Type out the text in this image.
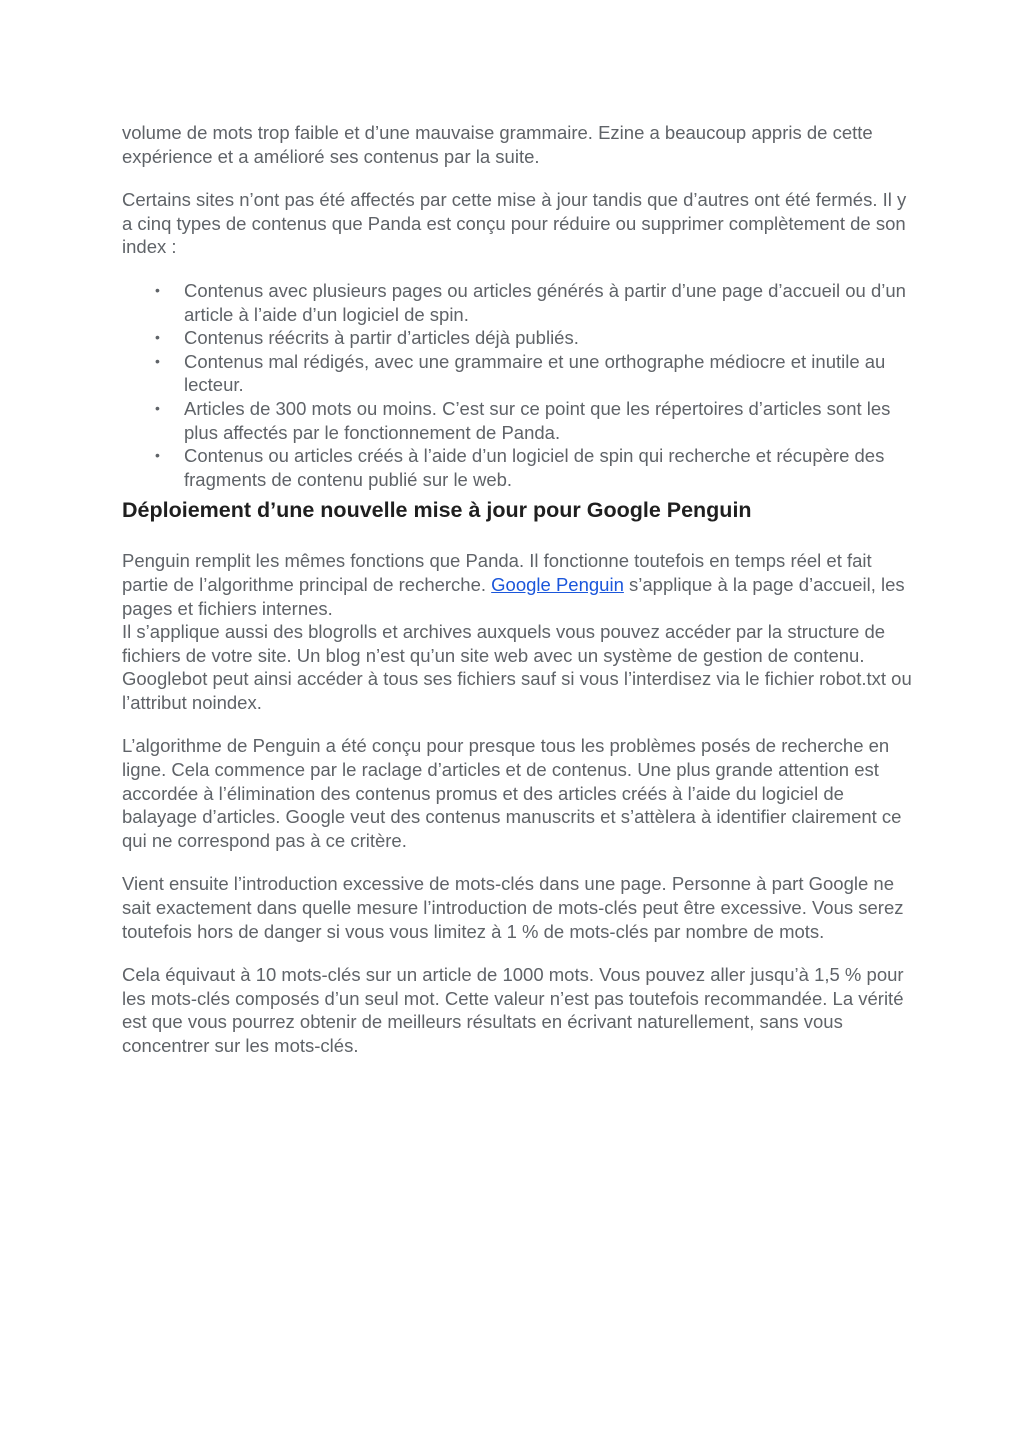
volume de mots trop faible et d’une mauvaise grammaire. Ezine a beaucoup appris de cette expérience et a amélioré ses contenus par la suite.

Certains sites n’ont pas été affectés par cette mise à jour tandis que d’autres ont été fermés. Il y a cinq types de contenus que Panda est conçu pour réduire ou supprimer complètement de son index :

• Contenus avec plusieurs pages ou articles générés à partir d’une page d’accueil ou d’un article à l’aide d’un logiciel de spin.
• Contenus réécrits à partir d’articles déjà publiés.
• Contenus mal rédigés, avec une grammaire et une orthographe médiocre et inutile au lecteur.
• Articles de 300 mots ou moins. C’est sur ce point que les répertoires d’articles sont les plus affectés par le fonctionnement de Panda.
• Contenus ou articles créés à l’aide d’un logiciel de spin qui recherche et récupère des fragments de contenu publié sur le web.
Déploiement d’une nouvelle mise à jour pour Google Penguin

Penguin remplit les mêmes fonctions que Panda. Il fonctionne toutefois en temps réel et fait partie de l’algorithme principal de recherche. Google Penguin s’applique à la page d’accueil, les pages et fichiers internes.

Il s’applique aussi des blogrolls et archives auxquels vous pouvez accéder par la structure de fichiers de votre site. Un blog n’est qu’un site web avec un système de gestion de contenu. Googlebot peut ainsi accéder à tous ses fichiers sauf si vous l’interdisez via le fichier robot.txt ou l’attribut noindex.

L’algorithme de Penguin a été conçu pour presque tous les problèmes posés de recherche en ligne. Cela commence par le raclage d’articles et de contenus. Une plus grande attention est accordée à l’élimination des contenus promus et des articles créés à l’aide du logiciel de balayage d’articles. Google veut des contenus manuscrits et s’attèlera à identifier clairement ce qui ne correspond pas à ce critère.

Vient ensuite l’introduction excessive de mots-clés dans une page. Personne à part Google ne sait exactement dans quelle mesure l’introduction de mots-clés peut être excessive. Vous serez toutefois hors de danger si vous vous limitez à 1 % de mots-clés par nombre de mots.

Cela équivaut à 10 mots-clés sur un article de 1000 mots. Vous pouvez aller jusqu’à 1,5 % pour les mots-clés composés d’un seul mot. Cette valeur n’est pas toutefois recommandée. La vérité est que vous pourrez obtenir de meilleurs résultats en écrivant naturellement, sans vous concentrer sur les mots-clés.
